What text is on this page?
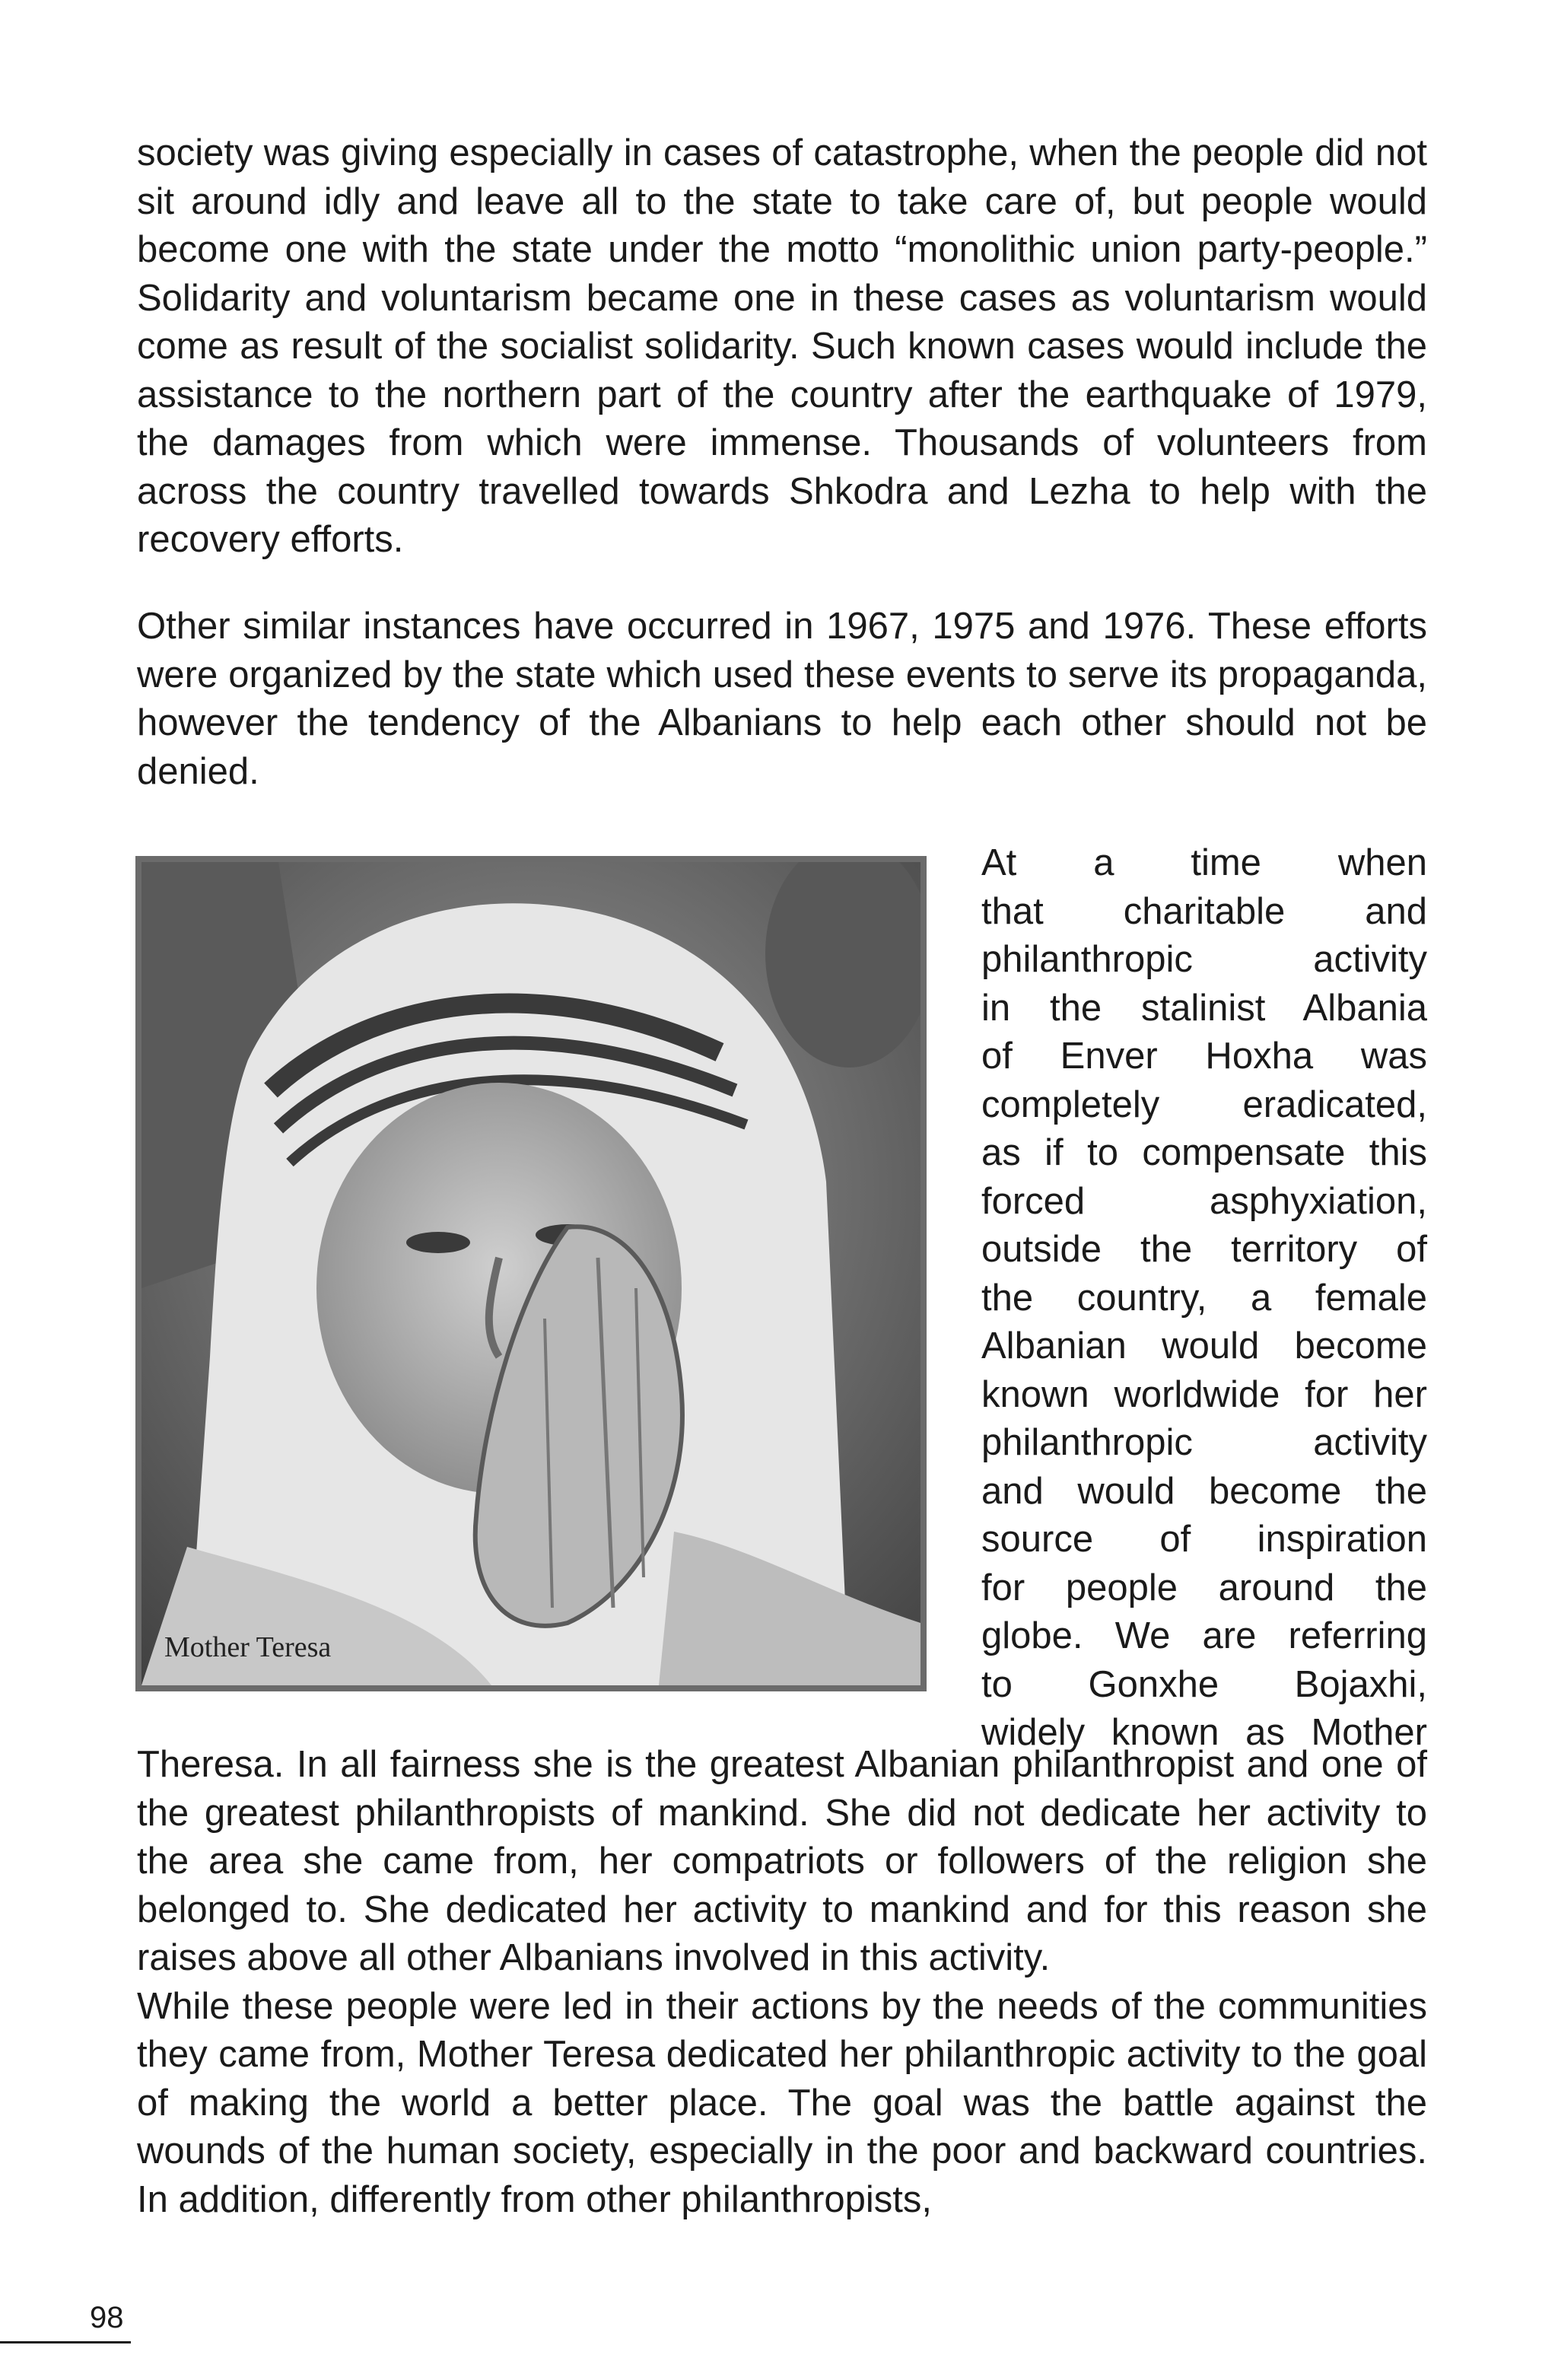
society was giving especially in cases of catastrophe, when the people did not sit around idly and leave all to the state to take care of, but people would become one with the state under the motto “monolithic union party-people.” Solidarity and voluntarism became one in these cases as voluntarism would come as result of the socialist solidarity. Such known cases would include the assistance to the northern part of the country after the earthquake of 1979, the damages from which were immense. Thousands of volunteers from across the country travelled towards Shkodra and Lezha to help with the recovery efforts.

Other similar instances have occurred in 1967, 1975 and 1976. These efforts were organized by the state which used these events to serve its propaganda, however the tendency of the Albanians to help each other should not be denied.

Mother Teresa
At a time when
that charitable and
philanthropic activity
in the stalinist Albania
of Enver Hoxha was
completely eradicated,
as if to compensate this
forced asphyxiation,
outside the territory of
the country, a female
Albanian would become
known worldwide for her
philanthropic activity
and would become the
source of inspiration
for people around the
globe. We are referring
to Gonxhe Bojaxhi,
widely known as Mother

Theresa. In all fairness she is the greatest Albanian philanthropist and one of the greatest philanthropists of mankind. She did not dedicate her activity to the area she came from, her compatriots or followers of the religion she belonged to. She dedicated her activity to mankind and for this reason she raises above all other Albanians involved in this activity.

While these people were led in their actions by the needs of the communities they came from, Mother Teresa dedicated her philanthropic activity to the goal of making the world a better place. The goal was the battle against the wounds of the human society, especially in the poor and backward countries. In addition, differently from other philanthropists,

98
